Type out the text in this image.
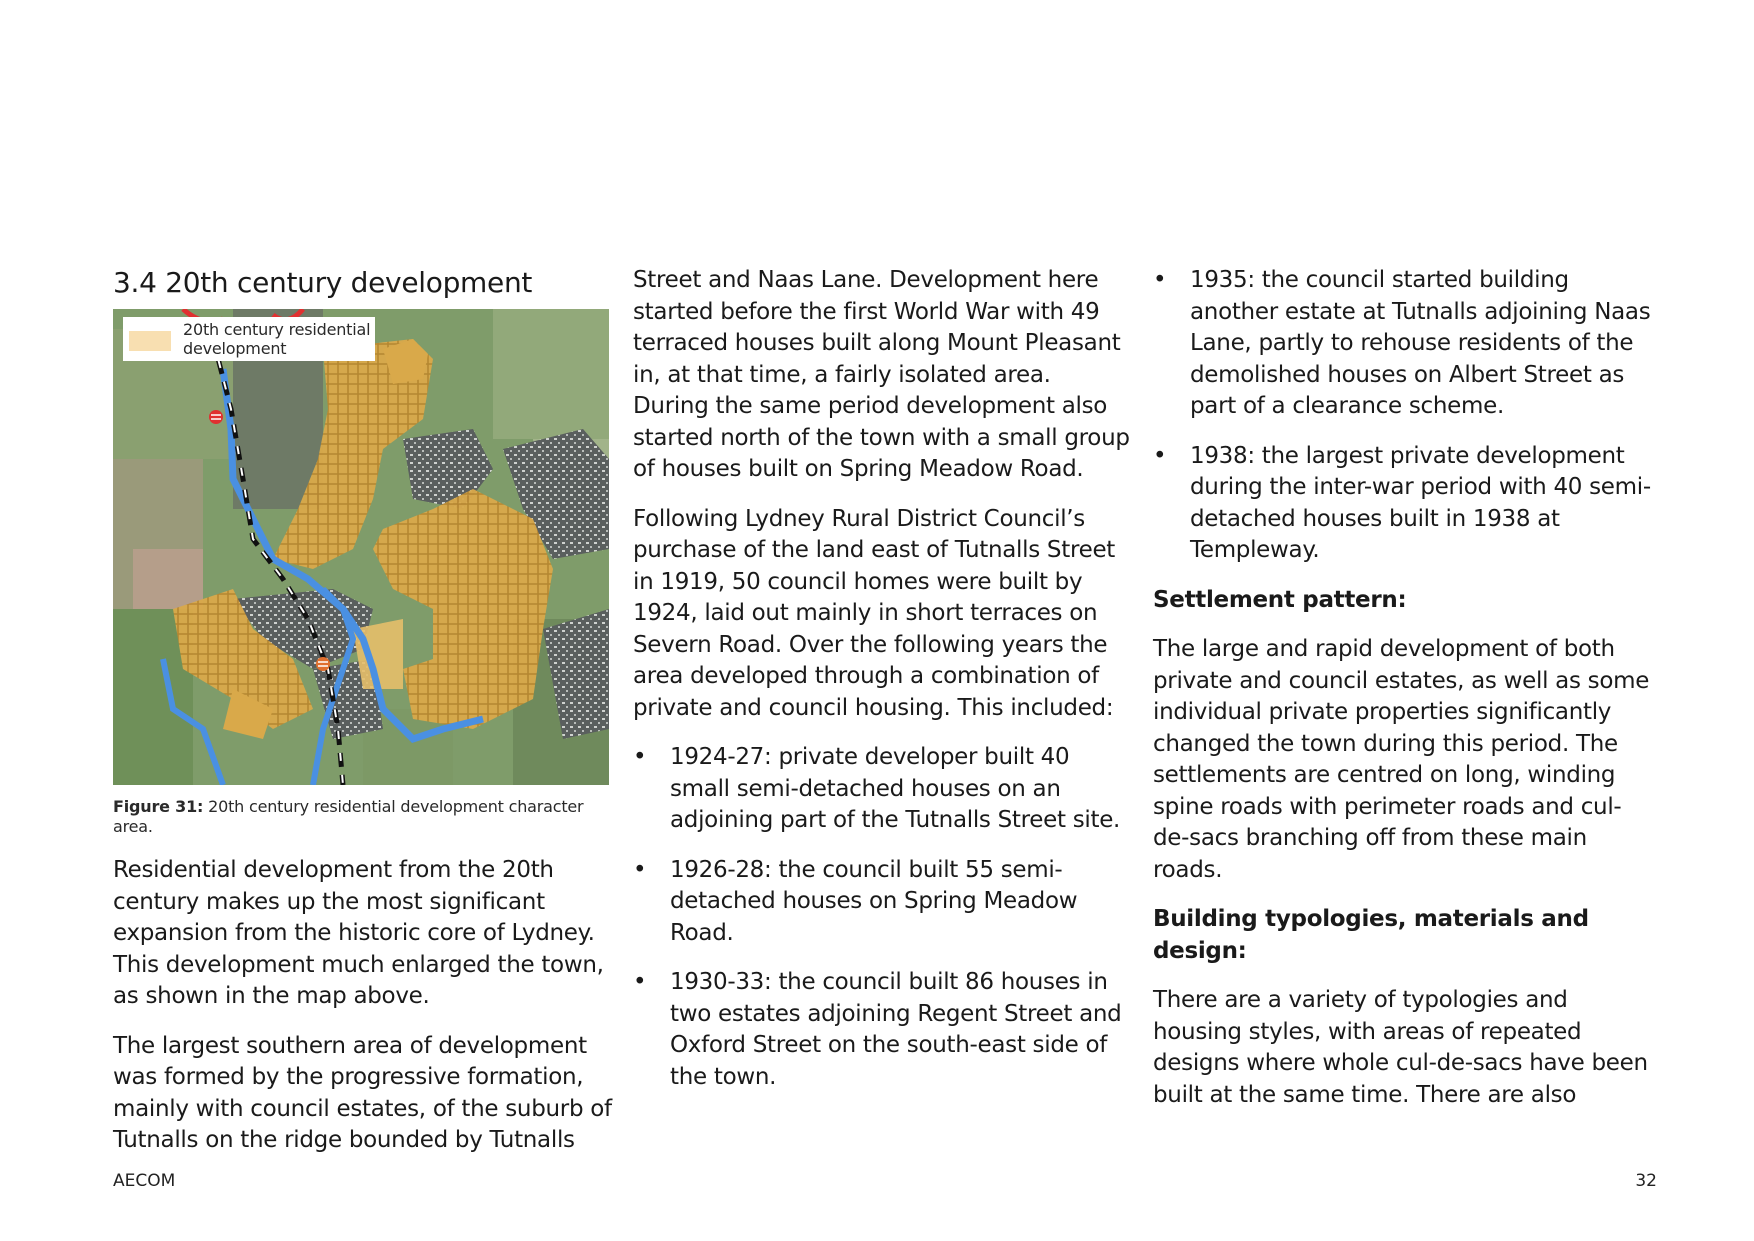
3.4 20th century development
20th century residential development

Figure 31: 20th century residential development character area.

Residential development from the 20th century makes up the most significant expansion from the historic core of Lydney. This development much enlarged the town, as shown in the map above.

The largest southern area of development was formed by the progressive formation, mainly with council estates, of the suburb of Tutnalls on the ridge bounded by Tutnalls

Street and Naas Lane. Development here started before the first World War with 49 terraced houses built along Mount Pleasant in, at that time, a fairly isolated area. During the same period development also started north of the town with a small group of houses built on Spring Meadow Road.

Following Lydney Rural District Council’s purchase of the land east of Tutnalls Street in 1919, 50 council homes were built by 1924, laid out mainly in short terraces on Severn Road. Over the following years the area developed through a combination of private and council housing. This included:

• 1924-27: private developer built 40 small semi-detached houses on an adjoining part of the Tutnalls Street site.
• 1926-28: the council built 55 semi-detached houses on Spring Meadow Road.
• 1930-33: the council built 86 houses in two estates adjoining Regent Street and Oxford Street on the south-east side of the town.
• 1935: the council started building another estate at Tutnalls adjoining Naas Lane, partly to rehouse residents of the demolished houses on Albert Street as part of a clearance scheme.
• 1938: the largest private development during the inter-war period with 40 semi-detached houses built in 1938 at Templeway.

Settlement pattern:

The large and rapid development of both private and council estates, as well as some individual private properties significantly changed the town during this period. The settlements are centred on long, winding spine roads with perimeter roads and cul-de-sacs branching off from these main roads.

Building typologies, materials and design:

There are a variety of typologies and housing styles, with areas of repeated designs where whole cul-de-sacs have been built at the same time. There are also

AECOM	32
